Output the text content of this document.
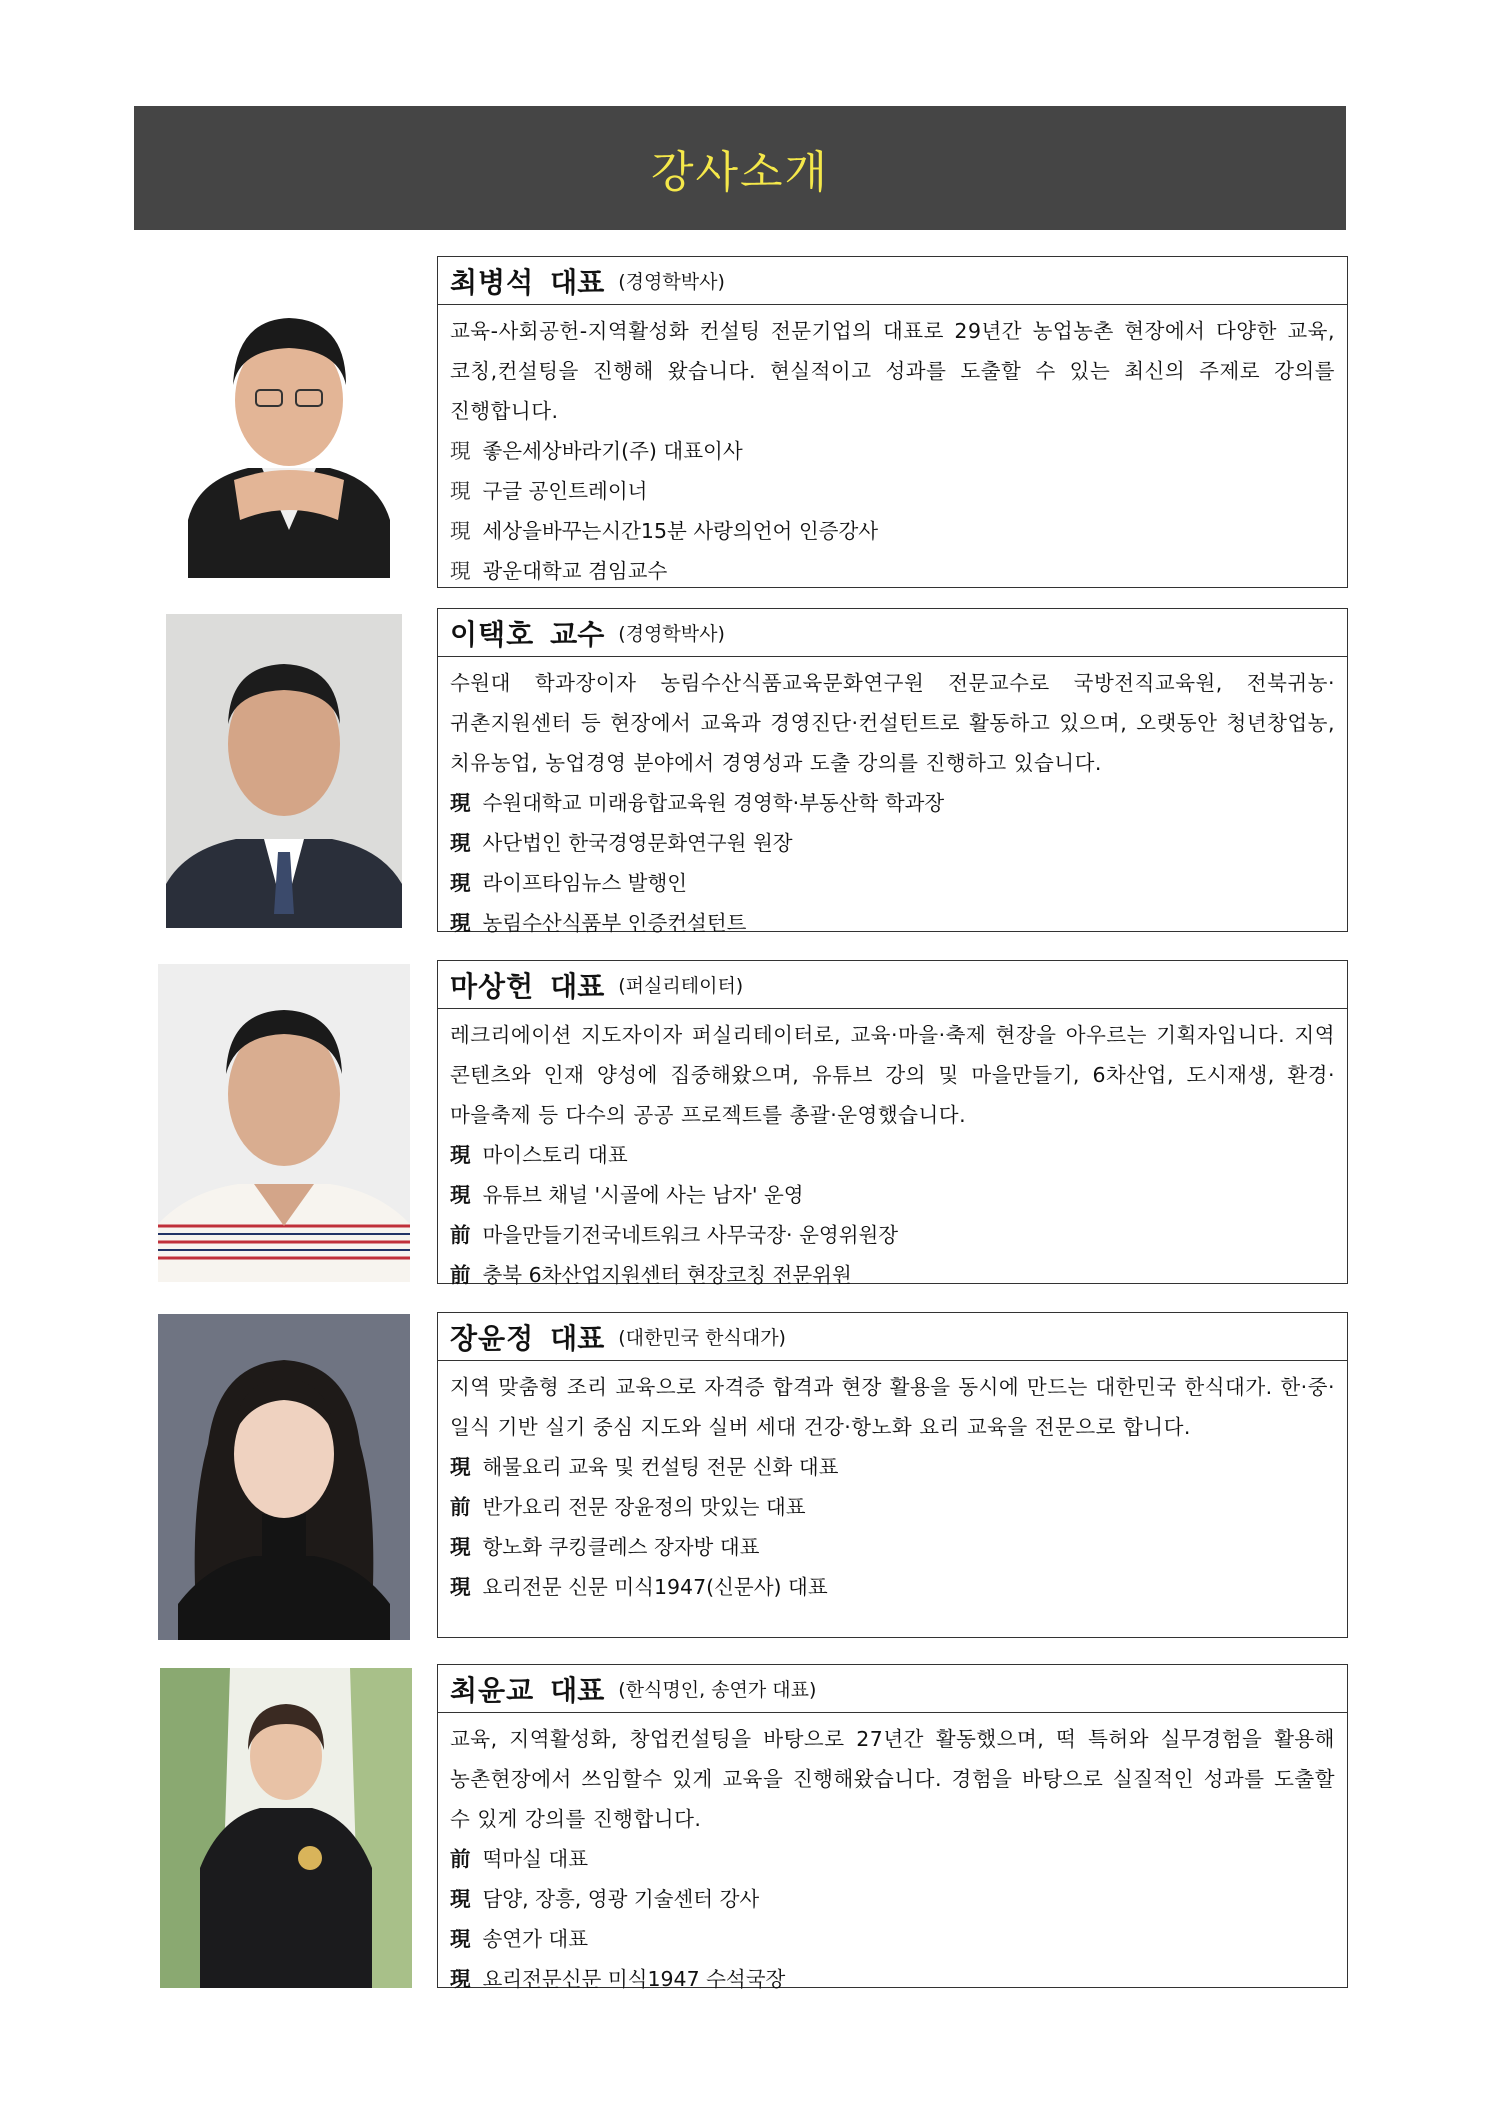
강사소개
최병석 대표 (경영학박사)

교육-사회공헌-지역활성화 컨설팅 전문기업의 대표로 29년간 농업농촌 현장에서 다양한 교육,코칭,컨설팅을 진행해 왔습니다. 현실적이고 성과를 도출할 수 있는 최신의 주제로 강의를 진행합니다.

現 좋은세상바라기(주) 대표이사
現 구글 공인트레이너
現 세상을바꾸는시간15분 사랑의언어 인증강사
現 광운대학교 겸임교수
이택호 교수 (경영학박사)

수원대 학과장이자 농림수산식품교육문화연구원 전문교수로 국방전직교육원, 전북귀농·귀촌지원센터 등 현장에서 교육과 경영진단·컨설턴트로 활동하고 있으며, 오랫동안 청년창업농, 치유농업, 농업경영 분야에서 경영성과 도출 강의를 진행하고 있습니다.

現 수원대학교 미래융합교육원 경영학·부동산학 학과장
現 사단법인 한국경영문화연구원 원장
現 라이프타임뉴스 발행인
現 농림수산식품부 인증컨설턴트
마상헌 대표 (퍼실리테이터)

레크리에이션 지도자이자 퍼실리테이터로, 교육·마을·축제 현장을 아우르는 기획자입니다. 지역 콘텐츠와 인재 양성에 집중해왔으며, 유튜브 강의 및 마을만들기, 6차산업, 도시재생, 환경·마을축제 등 다수의 공공 프로젝트를 총괄·운영했습니다.

現 마이스토리 대표
現 유튜브 채널 '시골에 사는 남자' 운영
前 마을만들기전국네트워크 사무국장· 운영위원장
前 충북 6차산업지원센터 현장코칭 전문위원
장윤정 대표 (대한민국 한식대가)

지역 맞춤형 조리 교육으로 자격증 합격과 현장 활용을 동시에 만드는 대한민국 한식대가. 한·중·일식 기반 실기 중심 지도와 실버 세대 건강·항노화 요리 교육을 전문으로 합니다.

現 해물요리 교육 및 컨설팅 전문 신화 대표
前 반가요리 전문 장윤정의 맛있는 대표
現 항노화 쿠킹클레스 장자방 대표
現 요리전문 신문 미식1947(신문사) 대표
최윤교 대표 (한식명인, 송연가 대표)

교육, 지역활성화, 창업컨설팅을 바탕으로 27년간 활동했으며, 떡 특허와 실무경험을 활용해 농촌현장에서 쓰임할수 있게 교육을 진행해왔습니다. 경험을 바탕으로 실질적인 성과를 도출할 수 있게 강의를 진행합니다.

前 떡마실 대표
現 담양, 장흥, 영광 기술센터 강사
現 송연가 대표
現 요리전문신문 미식1947 수석국장
